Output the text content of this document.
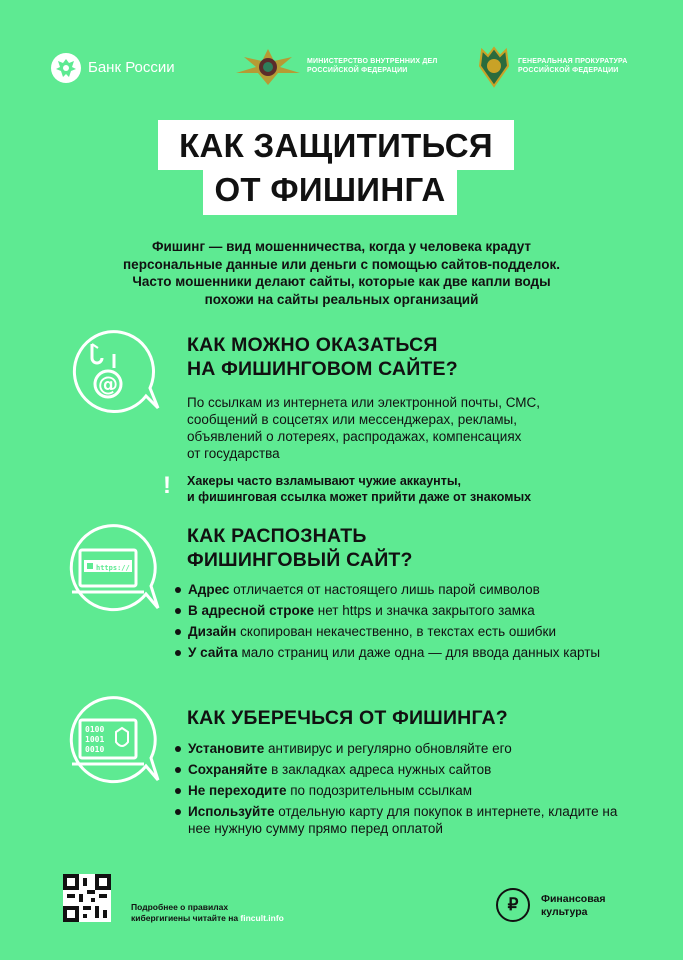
Банк России	МИНИСТЕРСТВО ВНУТРЕННИХ ДЕЛ
РОССИЙСКОЙ ФЕДЕРАЦИИ
ГЕНЕРАЛЬНАЯ ПРОКУРАТУРА
РОССИЙСКОЙ ФЕДЕРАЦИИ
КАК ЗАЩИТИТЬСЯ
ОТ ФИШИНГА
Фишинг — вид мошенничества, когда у человека крадут
персональные данные или деньги с помощью сайтов-подделок.
Часто мошенники делают сайты, которые как две капли воды
похожи на сайты реальных организаций
@
КАК МОЖНО ОКАЗАТЬСЯ
НА ФИШИНГОВОМ САЙТЕ?
По ссылкам из интернета или электронной почты, СМС,
сообщений в соцсетях или мессенджерах, рекламы,
объявлений о лотереях, распродажах, компенсациях
от государства
! Хакеры часто взламывают чужие аккаунты,
и фишинговая ссылка может прийти даже от знакомых
https://
КАК РАСПОЗНАТЬ
ФИШИНГОВЫЙ САЙТ?
Адрес отличается от настоящего лишь парой символов
В адресной строке нет https и значка закрытого замка
Дизайн скопирован некачественно, в текстах есть ошибки
У сайта мало страниц или даже одна — для ввода данных карты
0100
1001
0010
КАК УБЕРЕЧЬСЯ ОТ ФИШИНГА?
Установите антивирус и регулярно обновляйте его
Сохраняйте в закладках адреса нужных сайтов
Не переходите по подозрительным ссылкам
Используйте отдельную карту для покупок в интернете, кладите на нее нужную сумму прямо перед оплатой
Подробнее о правилах
кибергигиены читайте на fincult.info
₽ Финансовая
культура
